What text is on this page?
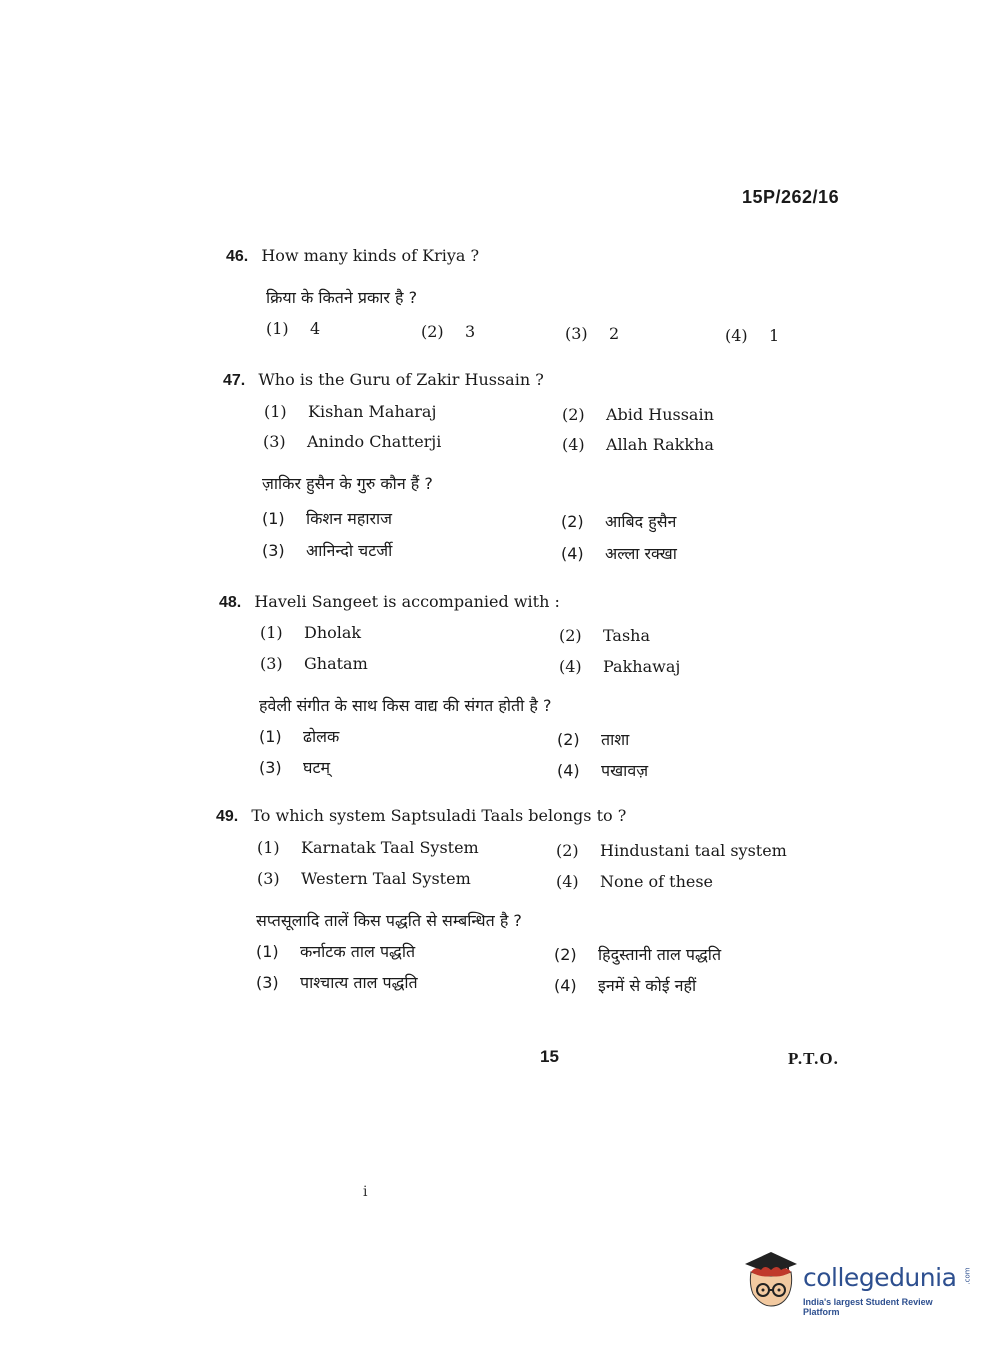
15P/262/16
46. How many kinds of Kriya ?
क्रिया के कितने प्रकार है ?
(1) 4	(2) 3	(3) 2	(4) 1
47. Who is the Guru of Zakir Hussain ?
(1) Kishan Maharaj	(2) Abid Hussain
(3) Anindo Chatterji	(4) Allah Rakkha
ज़ाकिर हुसैन के गुरु कौन हैं ?
(1) किशन महाराज	(2) आबिद हुसैन
(3) आनिन्दो चटर्जी	(4) अल्ला रक्खा
48. Haveli Sangeet is accompanied with :
(1) Dholak	(2) Tasha
(3) Ghatam	(4) Pakhawaj
हवेली संगीत के साथ किस वाद्य की संगत होती है ?
(1) ढोलक	(2) ताशा
(3) घटम्	(4) पखावज़
49. To which system Saptsuladi Taals belongs to ?
(1) Karnatak Taal System	(2) Hindustani taal system
(3) Western Taal System	(4) None of these
सप्तसूलादि तालें किस पद्धति से सम्बन्धित है ?
(1) कर्नाटक ताल पद्धति	(2) हिदुस्तानी ताल पद्धति
(3) पाश्चात्य ताल पद्धति	(4) इनमें से कोई नहीं
15	P.T.O.
i
collegedunia .com
India's largest Student Review Platform
